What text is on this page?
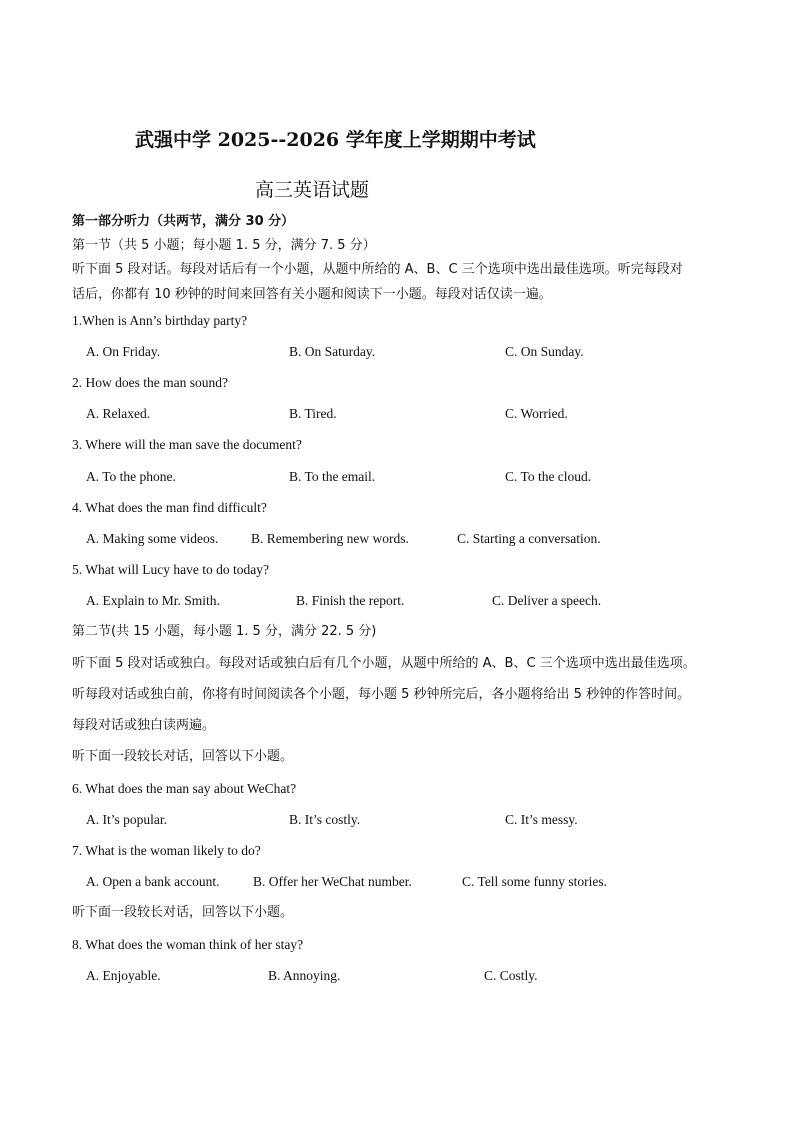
武强中学 2025--2026 学年度上学期期中考试
高三英语试题
第一部分听力（共两节，满分 30 分）
第一节（共 5 小题；每小题 1. 5 分，满分 7. 5 分）
听下面 5 段对话。每段对话后有一个小题，从题中所给的 A、B、C 三个选项中选出最佳选项。听完每段对
话后，你都有 10 秒钟的时间来回答有关小题和阅读下一小题。每段对话仅读一遍。
1.When is Ann’s birthday party?
A. On Friday.	B. On Saturday.	C. On Sunday.
2. How does the man sound?
A. Relaxed.	B. Tired.	C. Worried.
3. Where will the man save the document?
A. To the phone.	B. To the email.	C. To the cloud.
4. What does the man find difficult?
A. Making some videos. B. Remembering new words.	C. Starting a conversation.
5. What will Lucy have to do today?
A. Explain to Mr. Smith.	B. Finish the report.	C. Deliver a speech.
第二节(共 15 小题，每小题 1. 5 分，满分 22. 5 分)
听下面 5 段对话或独白。每段对话或独白后有几个小题，从题中所给的 A、B、C 三个选项中选出最佳选项。
听每段对话或独白前，你将有时间阅读各个小题，每小题 5 秒钟所完后，各小题将给出 5 秒钟的作答时间。
每段对话或独白读两遍。
听下面一段较长对话，回答以下小题。
6. What does the man say about WeChat?
A. It’s popular.	B. It’s costly.	C. It’s messy.
7. What is the woman likely to do?
A. Open a bank account. B. Offer her WeChat number.	C. Tell some funny stories.
听下面一段较长对话，回答以下小题。
8. What does the woman think of her stay?
A. Enjoyable.	B. Annoying.	C. Costly.
